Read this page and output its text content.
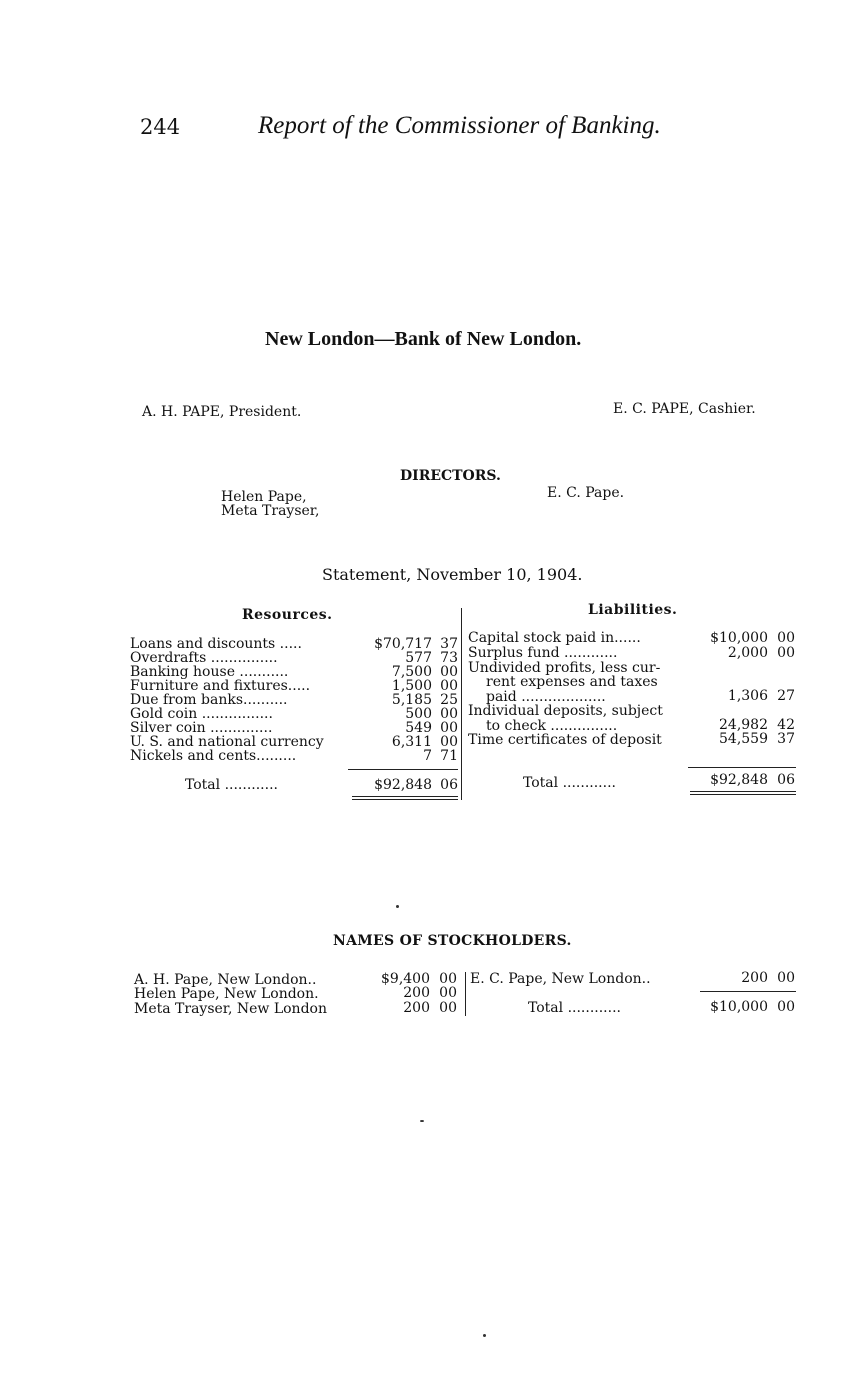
244	Report of the Commissioner of Banking.
New London—Bank of New London.
A. H. PAPE, President.	E. C. PAPE, Cashier.
DIRECTORS.
Helen Pape,
Meta Trayser,
E. C. Pape.
Statement, November 10, 1904.
Resources.	Liabilities.
Loans and discounts .....	$70,717 37
Overdrafts ...............	577 73
Banking house ...........	7,500 00
Furniture and fixtures.....	1,500 00
Due from banks..........	5,185 25
Gold coin ................	500 00
Silver coin ..............	549 00
U. S. and national currency	6,311 00
Nickels and cents.........	7 71
Total ............	$92,848 06
Capital stock paid in......	$10,000 00
Surplus fund ............	2,000 00
Undivided profits, less cur-
rent expenses and taxes
paid ...................	1,306 27
Individual deposits, subject
to check ...............	24,982 42
Time certificates of deposit	54,559 37
Total ............	$92,848 06
NAMES OF STOCKHOLDERS.
A. H. Pape, New London..	$9,400 00
Helen Pape, New London.	200 00
Meta Trayser, New London	200 00
E. C. Pape, New London..	200 00
Total ............	$10,000 00
